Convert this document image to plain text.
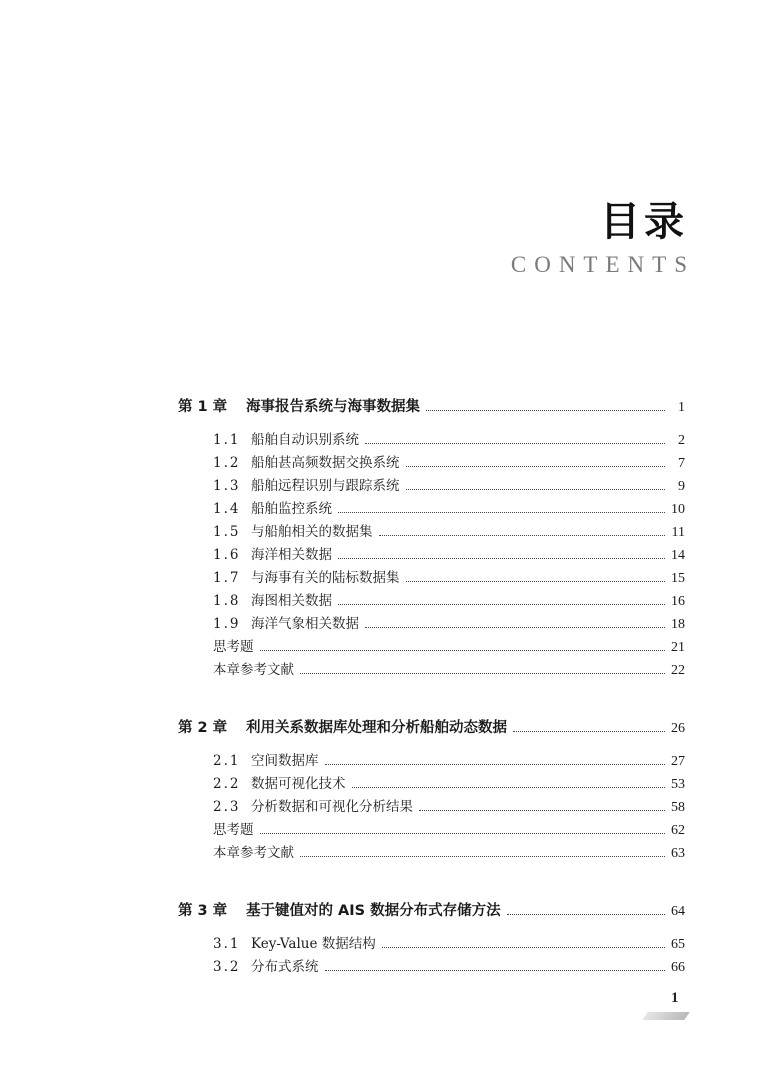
目录
CONTENTS
第 1 章	海事报告系统与海事数据集	1
1.1 船舶自动识别系统	2
1.2 船舶甚高频数据交换系统	7
1.3 船舶远程识别与跟踪系统	9
1.4 船舶监控系统	10
1.5 与船舶相关的数据集	11
1.6 海洋相关数据	14
1.7 与海事有关的陆标数据集	15
1.8 海图相关数据	16
1.9 海洋气象相关数据	18
思考题	21
本章参考文献	22
第 2 章	利用关系数据库处理和分析船舶动态数据	26
2.1 空间数据库	27
2.2 数据可视化技术	53
2.3 分析数据和可视化分析结果	58
思考题	62
本章参考文献	63
第 3 章	基于键值对的 AIS 数据分布式存储方法	64
3.1 Key-Value 数据结构	65
3.2 分布式系统	66
1
